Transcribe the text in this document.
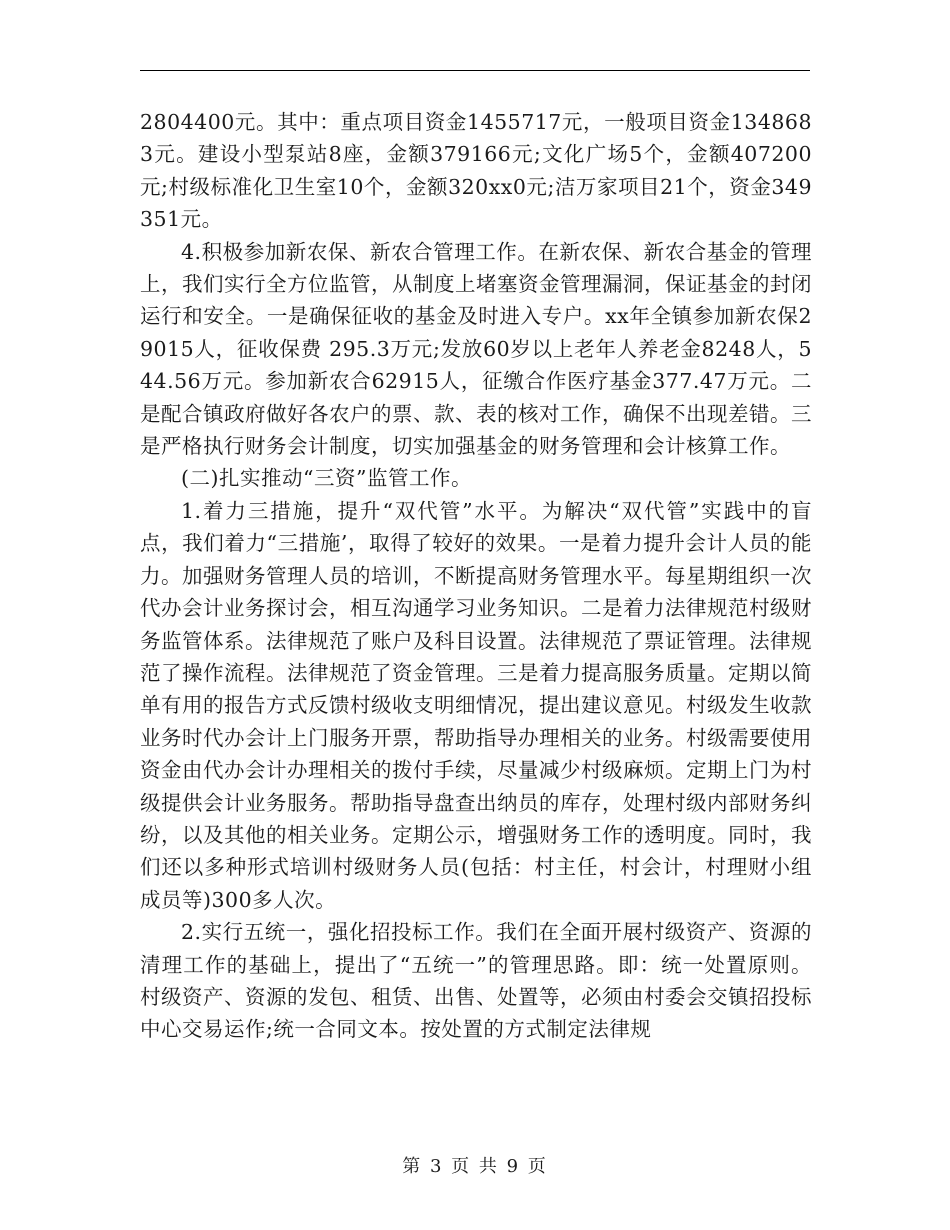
2804400元。其中：重点项目资金1455717元，一般项目资金1348683元。建设小型泵站8座，金额379166元;文化广场5个，金额407200元;村级标准化卫生室10个，金额320xx0元;洁万家项目21个，资金349351元。

4.积极参加新农保、新农合管理工作。在新农保、新农合基金的管理上，我们实行全方位监管，从制度上堵塞资金管理漏洞，保证基金的封闭运行和安全。一是确保征收的基金及时进入专户。xx年全镇参加新农保29015人，征收保费 295.3万元;发放60岁以上老年人养老金8248人，544.56万元。参加新农合62915人，征缴合作医疗基金377.47万元。二是配合镇政府做好各农户的票、款、表的核对工作，确保不出现差错。三是严格执行财务会计制度，切实加强基金的财务管理和会计核算工作。

(二)扎实推动“三资”监管工作。

1.着力三措施，提升“双代管”水平。为解决“双代管”实践中的盲点，我们着力“三措施’，取得了较好的效果。一是着力提升会计人员的能力。加强财务管理人员的培训，不断提高财务管理水平。每星期组织一次代办会计业务探讨会，相互沟通学习业务知识。二是着力法律规范村级财务监管体系。法律规范了账户及科目设置。法律规范了票证管理。法律规范了操作流程。法律规范了资金管理。三是着力提高服务质量。定期以简单有用的报告方式反馈村级收支明细情况，提出建议意见。村级发生收款业务时代办会计上门服务开票，帮助指导办理相关的业务。村级需要使用资金由代办会计办理相关的拨付手续，尽量减少村级麻烦。定期上门为村级提供会计业务服务。帮助指导盘查出纳员的库存，处理村级内部财务纠纷，以及其他的相关业务。定期公示，增强财务工作的透明度。同时，我们还以多种形式培训村级财务人员(包括：村主任，村会计，村理财小组成员等)300多人次。

2.实行五统一，强化招投标工作。我们在全面开展村级资产、资源的清理工作的基础上，提出了“五统一”的管理思路。即：统一处置原则。村级资产、资源的发包、租赁、出售、处置等，必须由村委会交镇招投标中心交易运作;统一合同文本。按处置的方式制定法律规

第 3 页 共 9 页
